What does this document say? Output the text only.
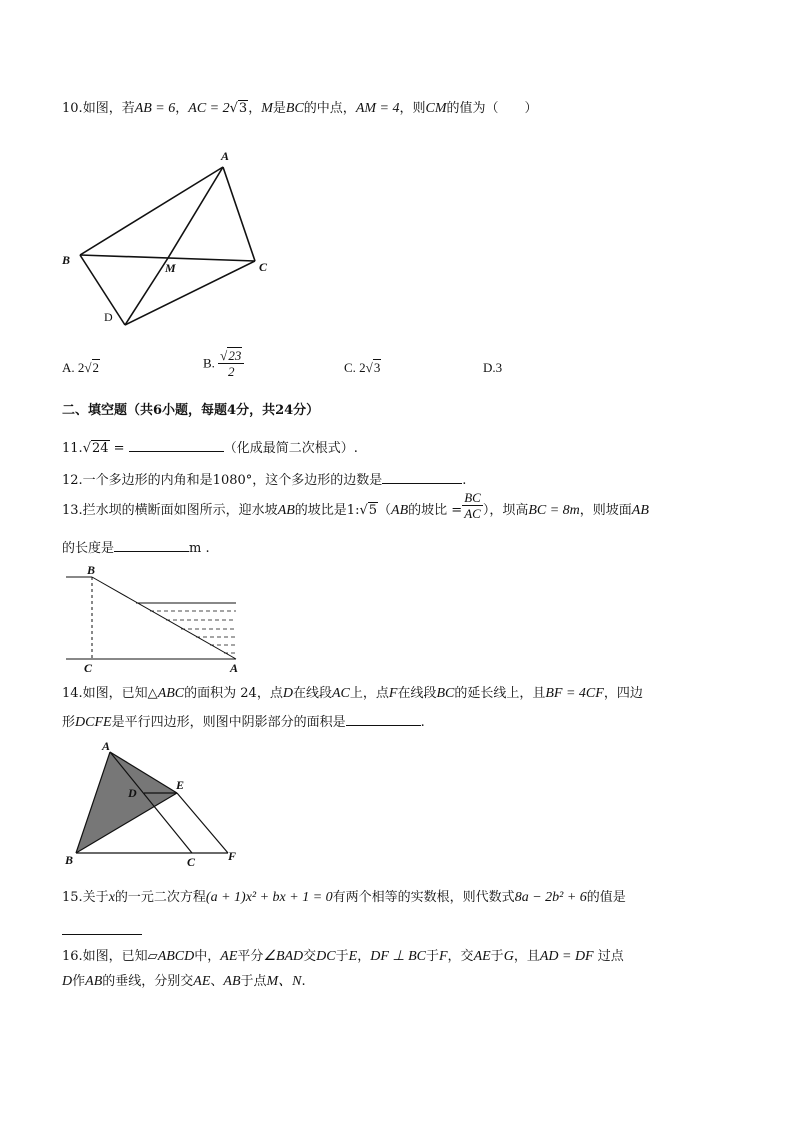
10.如图，若AB = 6，AC = 2√3，M是BC的中点，AM = 4，则CM的值为（　　）
A
B	C
M
D
A. 2√2	B. $\frac{√23}{2}$	C. 2√3	D.3
二、填空题（共6小题，每题4分，共24分）
11.√24 =	（化成最简二次根式）.
12.一个多边形的内角和是1080°，这个多边形的边数是	.
13.拦水坝的横断面如图所示，迎水坡AB的坡比是1:√5（AB的坡比 = $\frac{BC}{AC}$ ），坝高BC = 8m，则坡面AB
的长度是	m .
B
C	A
14.如图，已知△ABC的面积为 24，点D在线段AC上，点F在线段BC的延长线上，且BF = 4CF，四边
形DCFE是平行四边形，则图中阴影部分的面积是	.
A
D
E
B	C	F
15.关于x的一元二次方程(a + 1)x² + bx + 1 = 0有两个相等的实数根，则代数式8a − 2b² + 6的值是
16.如图，已知▱ABCD中，AE平分∠BAD交DC于E，DF ⊥ BC于F，交AE于G，且AD = DF 过点
D作AB的垂线，分别交AE、AB于点M、N.
